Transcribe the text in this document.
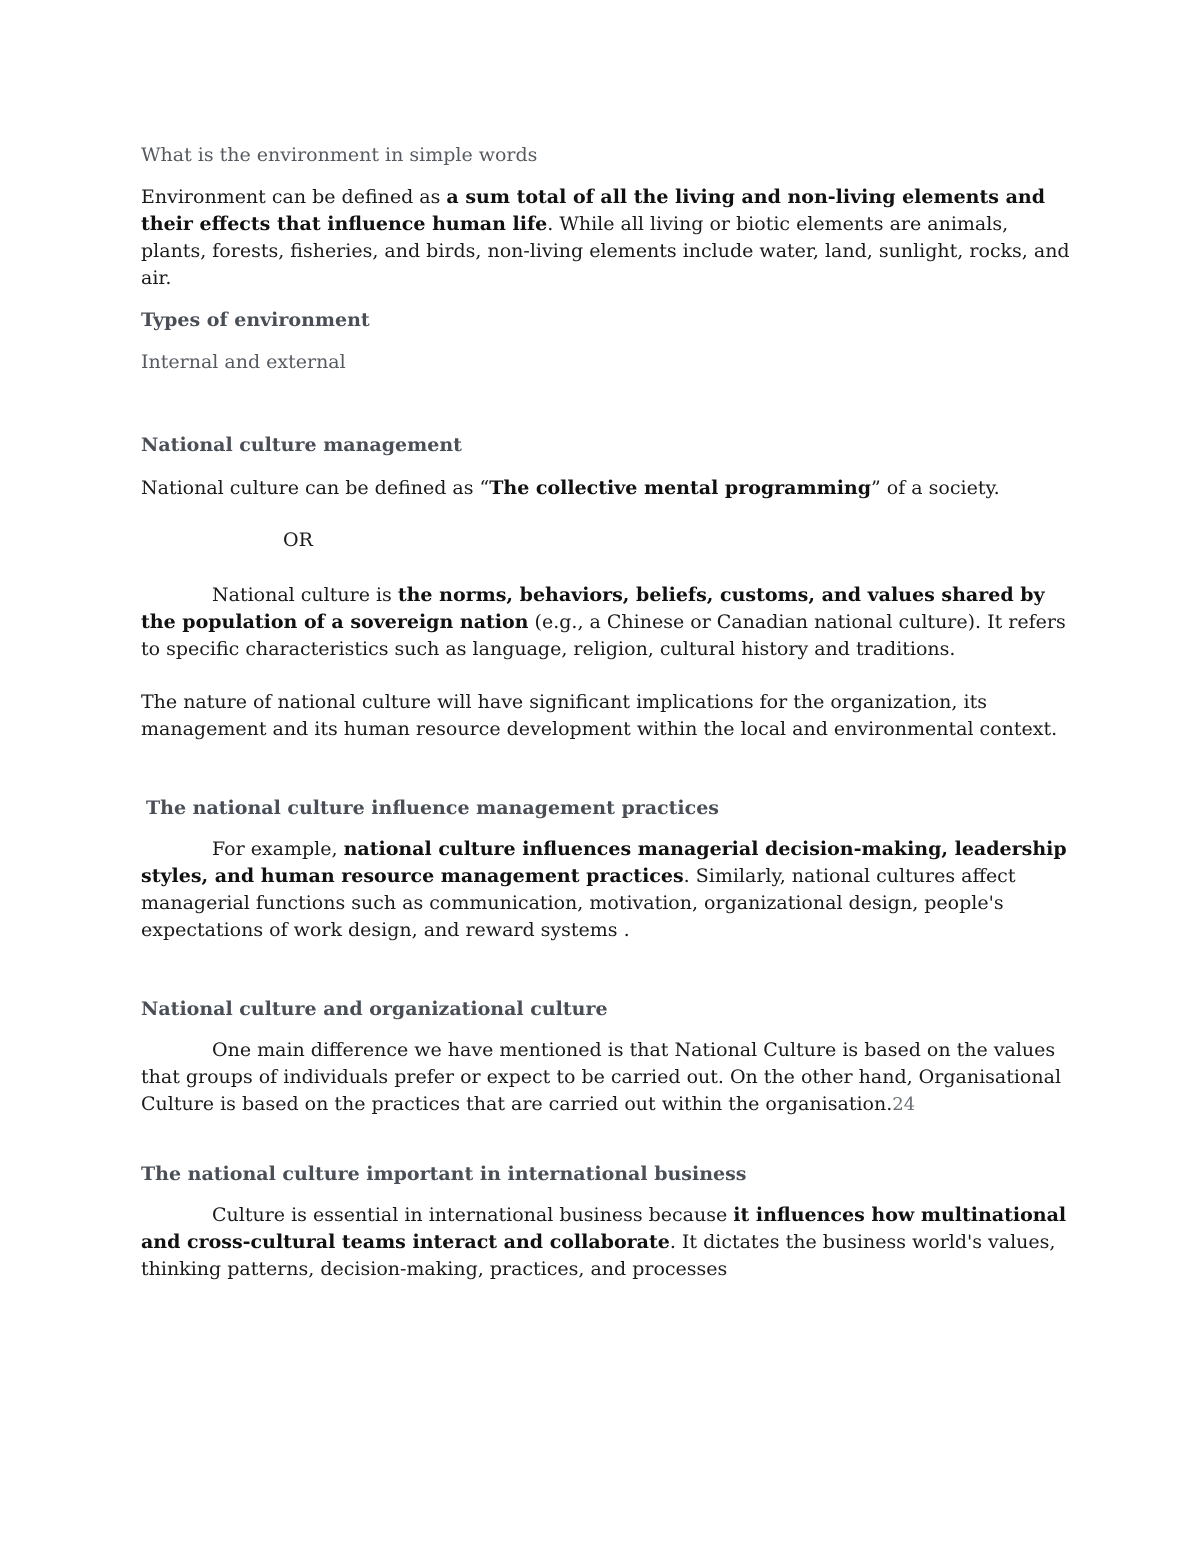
What is the environment in simple words

Environment can be defined as a sum total of all the living and non-living elements and their effects that influence human life. While all living or biotic elements are animals, plants, forests, fisheries, and birds, non-living elements include water, land, sunlight, rocks, and air.

Types of environment

Internal and external

National culture management

National culture can be defined as “The collective mental programming” of a society.

OR

National culture is the norms, behaviors, beliefs, customs, and values shared by the population of a sovereign nation (e.g., a Chinese or Canadian national culture). It refers to specific characteristics such as language, religion, cultural history and traditions.

The nature of national culture will have significant implications for the organization, its management and its human resource development within the local and environmental context.

The national culture influence management practices

For example, national culture influences managerial decision-making, leadership styles, and human resource management practices. Similarly, national cultures affect managerial functions such as communication, motivation, organizational design, people's expectations of work design, and reward systems .

National culture and organizational culture

One main difference we have mentioned is that National Culture is based on the values that groups of individuals prefer or expect to be carried out. On the other hand, Organisational Culture is based on the practices that are carried out within the organisation.24

The national culture important in international business

Culture is essential in international business because it influences how multinational and cross-cultural teams interact and collaborate. It dictates the business world's values, thinking patterns, decision-making, practices, and processes
